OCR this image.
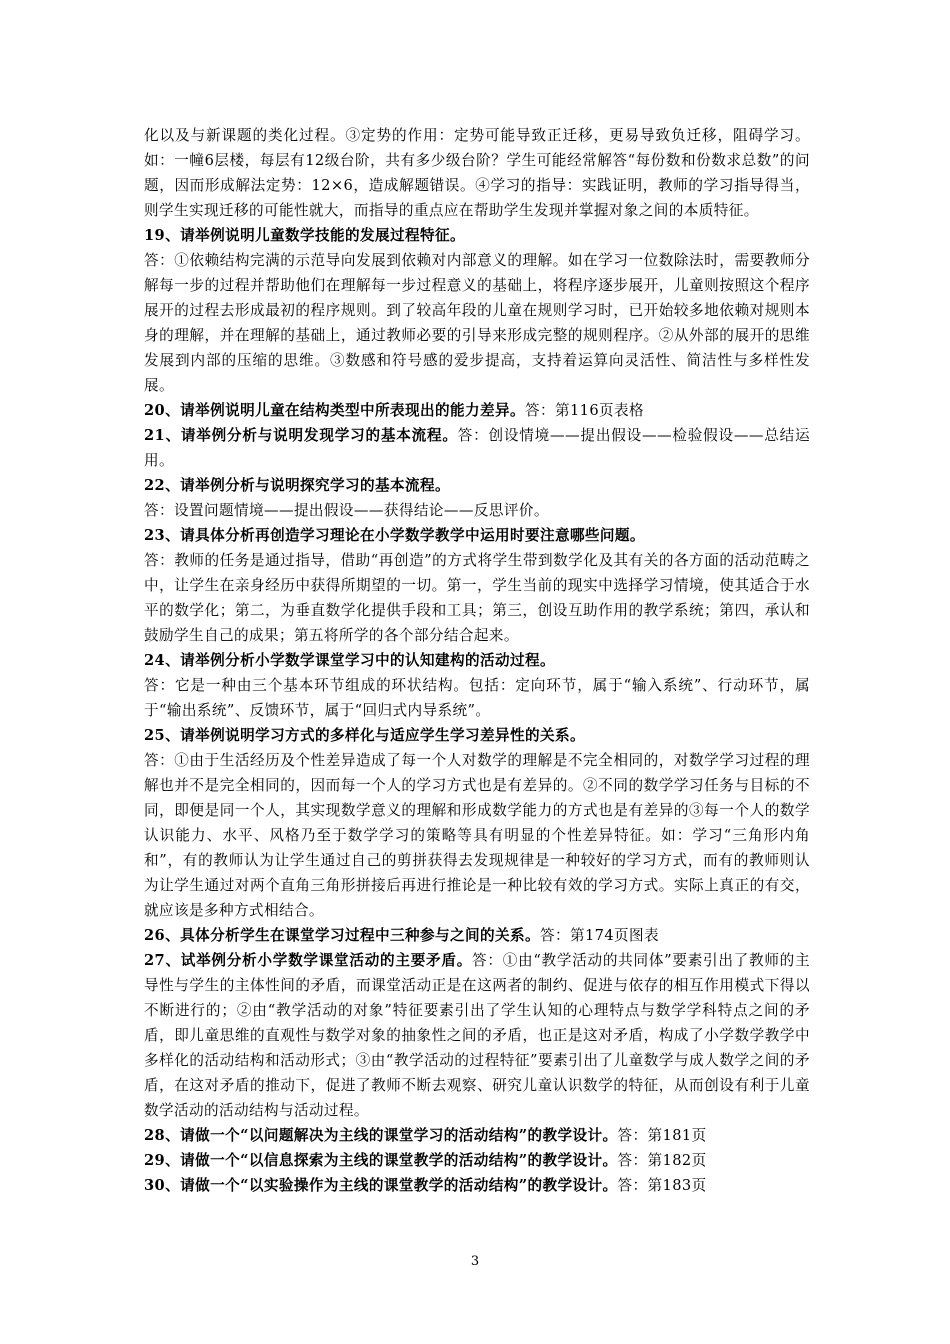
化以及与新课题的类化过程。③定势的作用：定势可能导致正迁移，更易导致负迁移，阻碍学习。如：一幢6层楼，每层有12级台阶，共有多少级台阶？学生可能经常解答“每份数和份数求总数”的问题，因而形成解法定势：12×6，造成解题错误。④学习的指导：实践证明，教师的学习指导得当，则学生实现迁移的可能性就大，而指导的重点应在帮助学生发现并掌握对象之间的本质特征。

19、请举例说明儿童数学技能的发展过程特征。

答：①依赖结构完满的示范导向发展到依赖对内部意义的理解。如在学习一位数除法时，需要教师分解每一步的过程并帮助他们在理解每一步过程意义的基础上，将程序逐步展开，儿童则按照这个程序展开的过程去形成最初的程序规则。到了较高年段的儿童在规则学习时，已开始较多地依赖对规则本身的理解，并在理解的基础上，通过教师必要的引导来形成完整的规则程序。②从外部的展开的思维发展到内部的压缩的思维。③数感和符号感的爱步提高，支持着运算向灵活性、简洁性与多样性发展。

20、请举例说明儿童在结构类型中所表现出的能力差异。答：第116页表格

21、请举例分析与说明发现学习的基本流程。答：创设情境——提出假设——检验假设——总结运用。

22、请举例分析与说明探究学习的基本流程。

答：设置问题情境——提出假设——获得结论——反思评价。

23、请具体分析再创造学习理论在小学数学教学中运用时要注意哪些问题。

答：教师的任务是通过指导，借助“再创造”的方式将学生带到数学化及其有关的各方面的活动范畴之中，让学生在亲身经历中获得所期望的一切。第一，学生当前的现实中选择学习情境，使其适合于水平的数学化；第二，为垂直数学化提供手段和工具；第三，创设互助作用的教学系统；第四，承认和鼓励学生自己的成果；第五将所学的各个部分结合起来。

24、请举例分析小学数学课堂学习中的认知建构的活动过程。

答：它是一种由三个基本环节组成的环状结构。包括：定向环节，属于“输入系统”、行动环节，属于“输出系统”、反馈环节，属于“回归式内导系统”。

25、请举例说明学习方式的多样化与适应学生学习差异性的关系。

答：①由于生活经历及个性差异造成了每一个人对数学的理解是不完全相同的，对数学学习过程的理解也并不是完全相同的，因而每一个人的学习方式也是有差异的。②不同的数学学习任务与目标的不同，即便是同一个人，其实现数学意义的理解和形成数学能力的方式也是有差异的③每一个人的数学认识能力、水平、风格乃至于数学学习的策略等具有明显的个性差异特征。如：学习“三角形内角和”，有的教师认为让学生通过自己的剪拼获得去发现规律是一种较好的学习方式，而有的教师则认为让学生通过对两个直角三角形拼接后再进行推论是一种比较有效的学习方式。实际上真正的有交，就应该是多种方式相结合。

26、具体分析学生在课堂学习过程中三种参与之间的关系。答：第174页图表

27、试举例分析小学数学课堂活动的主要矛盾。答：①由“教学活动的共同体”要素引出了教师的主导性与学生的主体性间的矛盾，而课堂活动正是在这两者的制约、促进与依存的相互作用模式下得以不断进行的；②由“教学活动的对象”特征要素引出了学生认知的心理特点与数学学科特点之间的矛盾，即儿童思维的直观性与数学对象的抽象性之间的矛盾，也正是这对矛盾，构成了小学数学教学中多样化的活动结构和活动形式；③由“教学活动的过程特征”要素引出了儿童数学与成人数学之间的矛盾，在这对矛盾的推动下，促进了教师不断去观察、研究儿童认识数学的特征，从而创设有利于儿童数学活动的活动结构与活动过程。

28、请做一个“以问题解决为主线的课堂学习的活动结构”的教学设计。答：第181页

29、请做一个“以信息探索为主线的课堂教学的活动结构”的教学设计。答：第182页

30、请做一个“以实验操作为主线的课堂教学的活动结构”的教学设计。答：第183页

3
